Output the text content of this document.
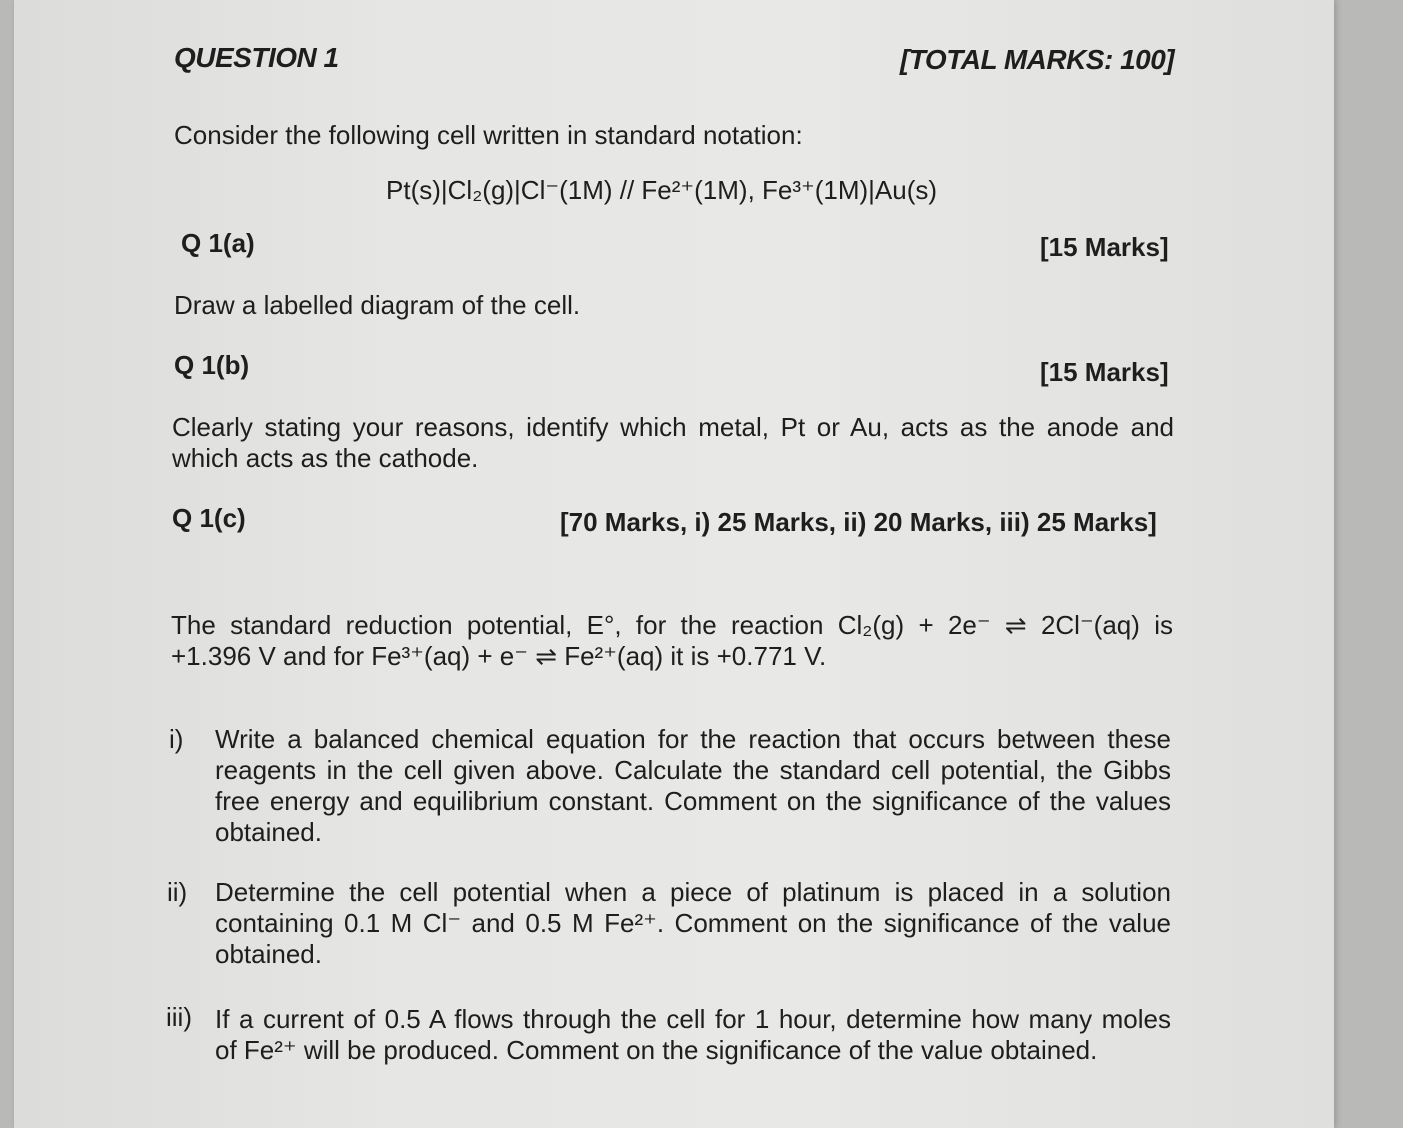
QUESTION 1	[TOTAL MARKS: 100]
Consider the following cell written in standard notation:
Pt(s)|Cl₂(g)|Cl⁻(1M) // Fe²⁺(1M), Fe³⁺(1M)|Au(s)
Q 1(a)	[15 Marks]
Draw a labelled diagram of the cell.
Q 1(b)	[15 Marks]
Clearly stating your reasons, identify which metal, Pt or Au, acts as the anode and
which acts as the cathode.
Q 1(c)	[70 Marks, i) 25 Marks, ii) 20 Marks, iii) 25 Marks]
The standard reduction potential, E°, for the reaction Cl₂(g) + 2e⁻ ⇌ 2Cl⁻(aq) is
+1.396 V and for Fe³⁺(aq) + e⁻ ⇌ Fe²⁺(aq) it is +0.771 V.
i) Write a balanced chemical equation for the reaction that occurs between these
reagents in the cell given above. Calculate the standard cell potential, the Gibbs
free energy and equilibrium constant. Comment on the significance of the values
obtained.
ii) Determine the cell potential when a piece of platinum is placed in a solution
containing 0.1 M Cl⁻ and 0.5 M Fe²⁺. Comment on the significance of the value
obtained.
iii) If a current of 0.5 A flows through the cell for 1 hour, determine how many moles
of Fe²⁺ will be produced. Comment on the significance of the value obtained.
